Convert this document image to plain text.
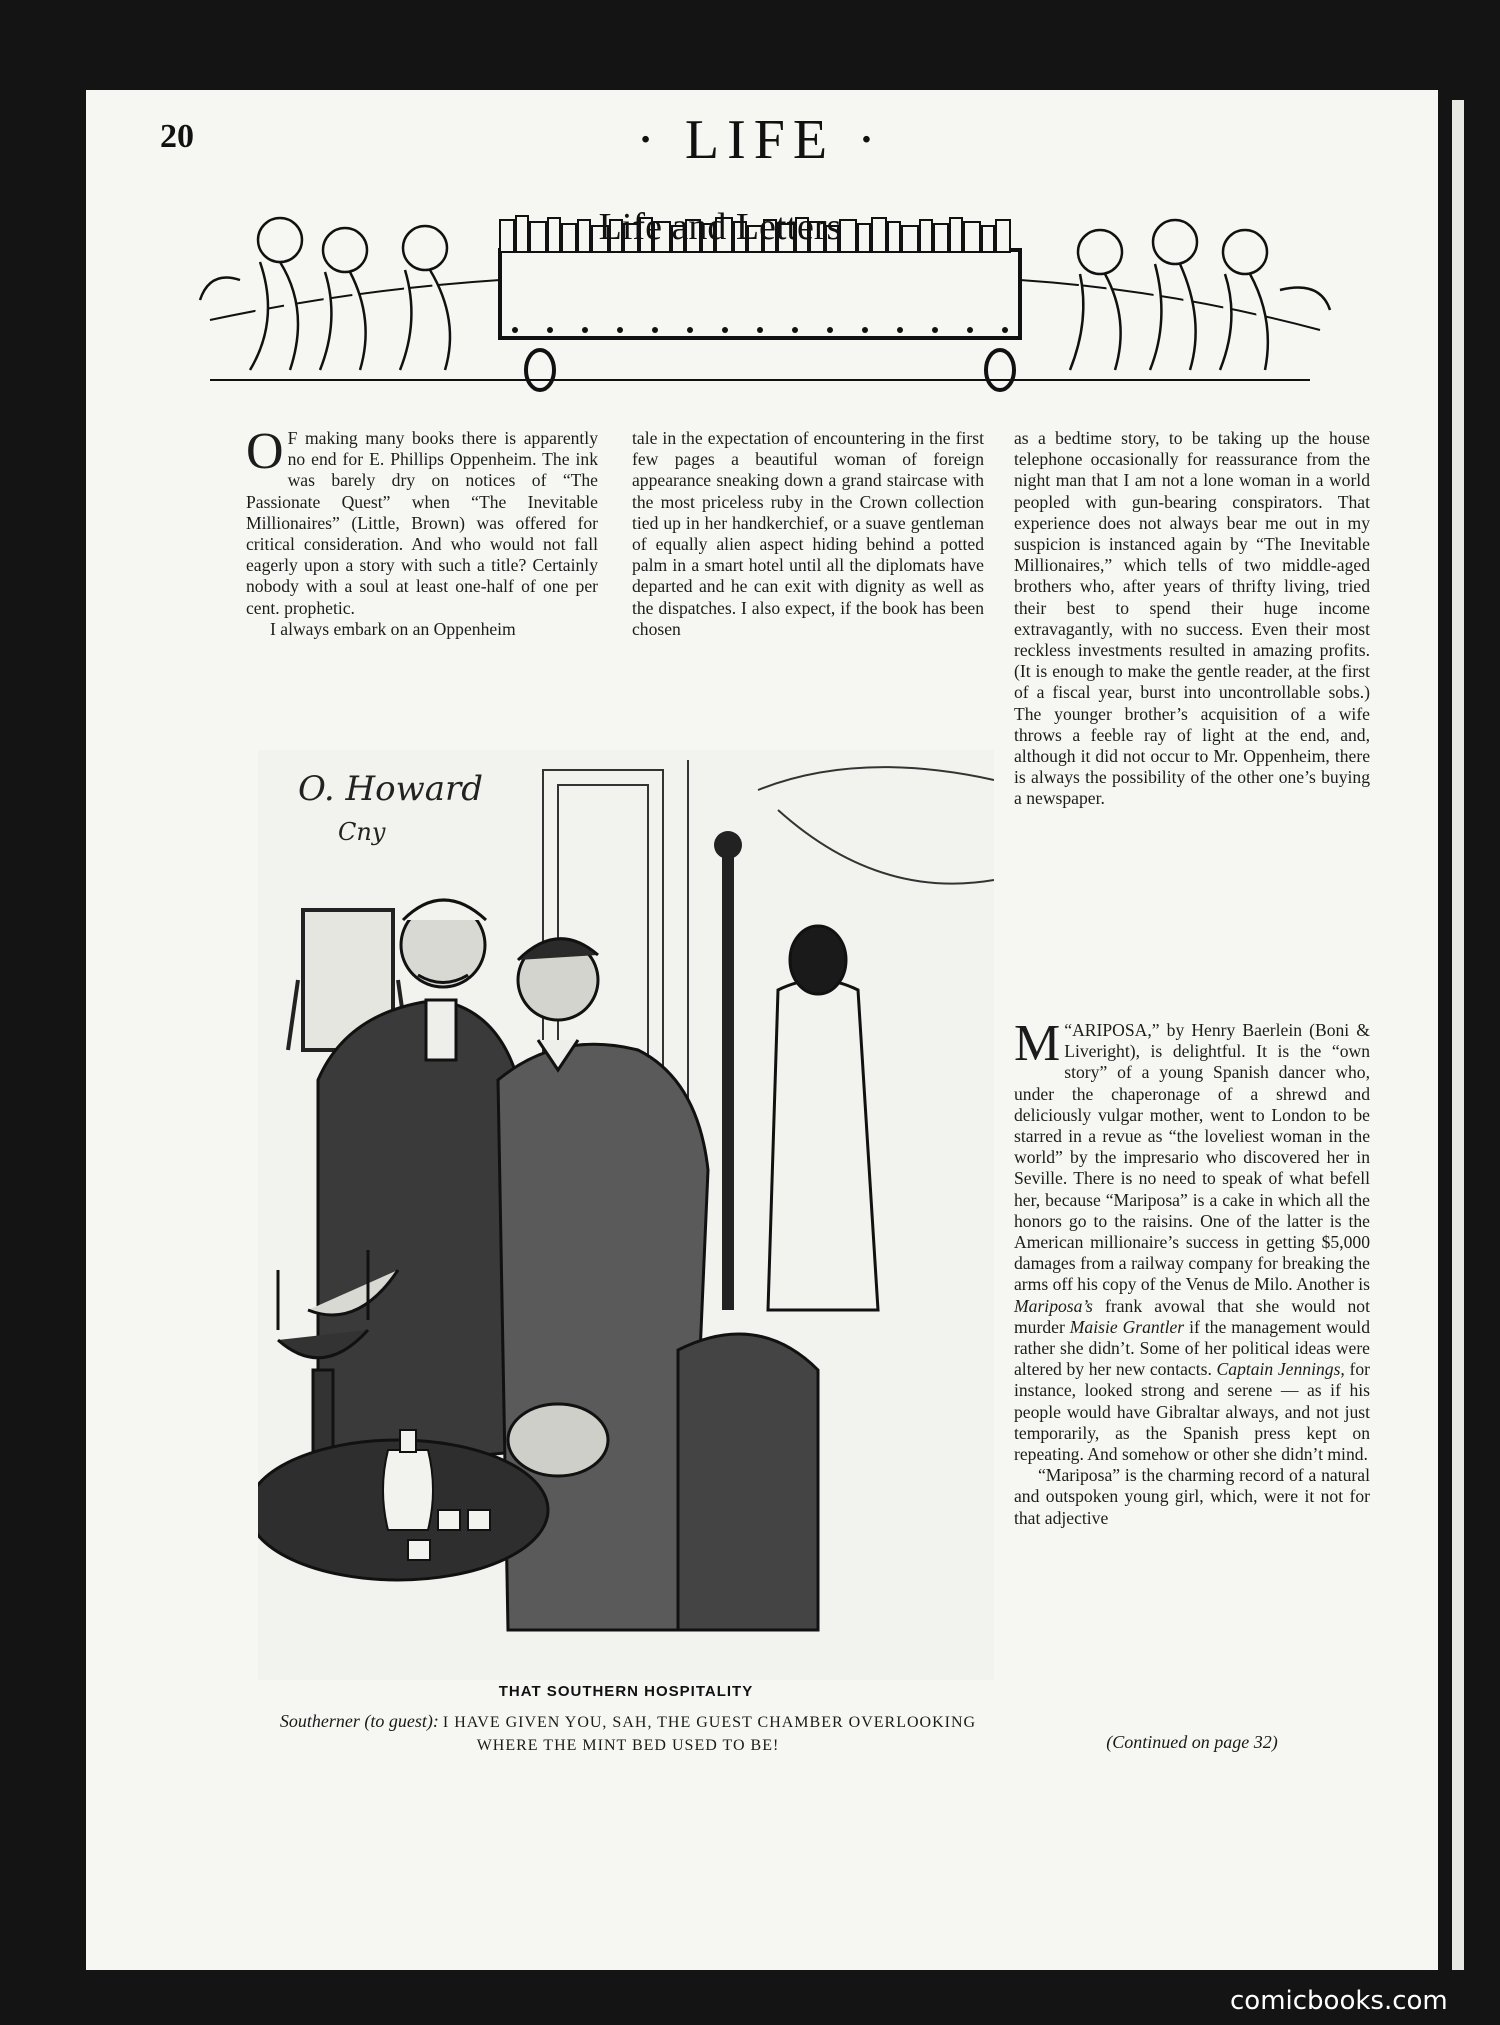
20	· LIFE ·
Life and Letters

O F making many books there is apparently no end for E. Phillips Oppenheim. The ink was barely dry on notices of “The Passionate Quest” when “The Inevitable Millionaires” (Little, Brown) was offered for critical consideration. And who would not fall eagerly upon a story with such a title? Certainly nobody with a soul at least one-half of one per cent. prophetic.

I always embark on an Oppenheim

tale in the expectation of encountering in the first few pages a beautiful woman of foreign appearance sneaking down a grand staircase with the most priceless ruby in the Crown collection tied up in her handkerchief, or a suave gentleman of equally alien aspect hiding behind a potted palm in a smart hotel until all the diplomats have departed and he can exit with dignity as well as the dispatches. I also expect, if the book has been chosen

as a bedtime story, to be taking up the house telephone occasionally for reassurance from the night man that I am not a lone woman in a world peopled with gun-bearing conspirators. That experience does not always bear me out in my suspicion is instanced again by “The Inevitable Millionaires,” which tells of two middle-aged brothers who, after years of thrifty living, tried their best to spend their huge income extravagantly, with no success. Even their most reckless investments resulted in amazing profits. (It is enough to make the gentle reader, at the first of a fiscal year, burst into uncontrollable sobs.) The younger brother’s acquisition of a wife throws a feeble ray of light at the end, and, although it did not occur to Mr. Oppenheim, there is always the possibility of the other one’s buying a newspaper.

“
M ARIPOSA,” by Henry Baerlein (Boni & Liveright), is delightful. It is the “own story” of a young Spanish dancer who, under the chaperonage of a shrewd and deliciously vulgar mother, went to London to be starred in a revue as “the loveliest woman in the world” by the impresario who discovered her in Seville. There is no need to speak of what befell her, because “Mariposa” is a cake in which all the honors go to the raisins. One of the latter is the American millionaire’s success in getting $5,000 damages from a railway company for breaking the arms off his copy of the Venus de Milo. Another is Mariposa’s frank avowal that she would not murder Maisie Grantler if the management would rather she didn’t. Some of her political ideas were altered by her new contacts. Captain Jennings, for instance, looked strong and serene — as if his people would have Gibraltar always, and not just temporarily, as the Spanish press kept on repeating. And somehow or other she didn’t mind.

“Mariposa” is the charming record of a natural and outspoken young girl, which, were it not for that adjective

O. Howard
Cny
THAT SOUTHERN HOSPITALITY
Southerner (to guest): I HAVE GIVEN YOU, SAH, THE GUEST CHAMBER OVERLOOKING WHERE THE MINT BED USED TO BE!	(Continued on page 32)
comicbooks.com
